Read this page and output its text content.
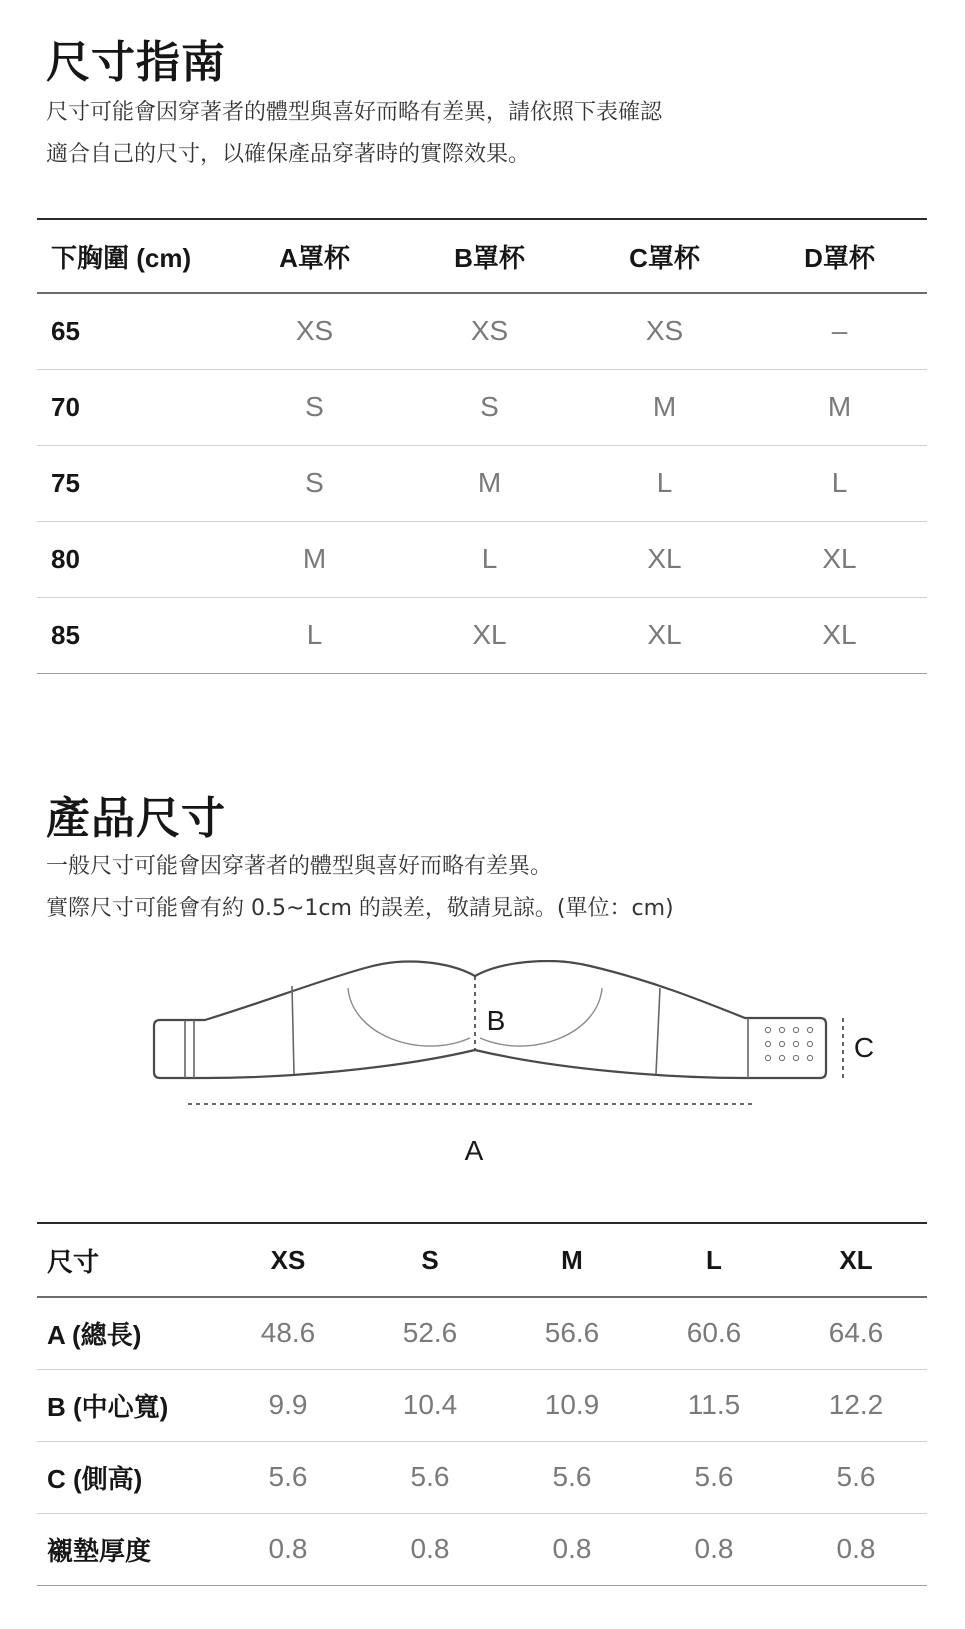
尺寸指南

尺寸可能會因穿著者的體型與喜好而略有差異，請依照下表確認
適合自己的尺寸，以確保產品穿著時的實際效果。

下胸圍 (cm)	A罩杯	B罩杯	C罩杯	D罩杯
65	XS	XS	XS	–
70	S	S	M	M
75	S	M	L	L
80	M	L	XL	XL
85	L	XL	XL	XL
產品尺寸

一般尺寸可能會因穿著者的體型與喜好而略有差異。
實際尺寸可能會有約 0.5~1cm 的誤差，敬請見諒。(單位：cm)

B
C
A
尺寸	XS	S	M	L	XL
A (總長)	48.6	52.6	56.6	60.6	64.6
B (中心寬)	9.9	10.4	10.9	11.5	12.2
C (側高)	5.6	5.6	5.6	5.6	5.6
襯墊厚度	0.8	0.8	0.8	0.8	0.8
